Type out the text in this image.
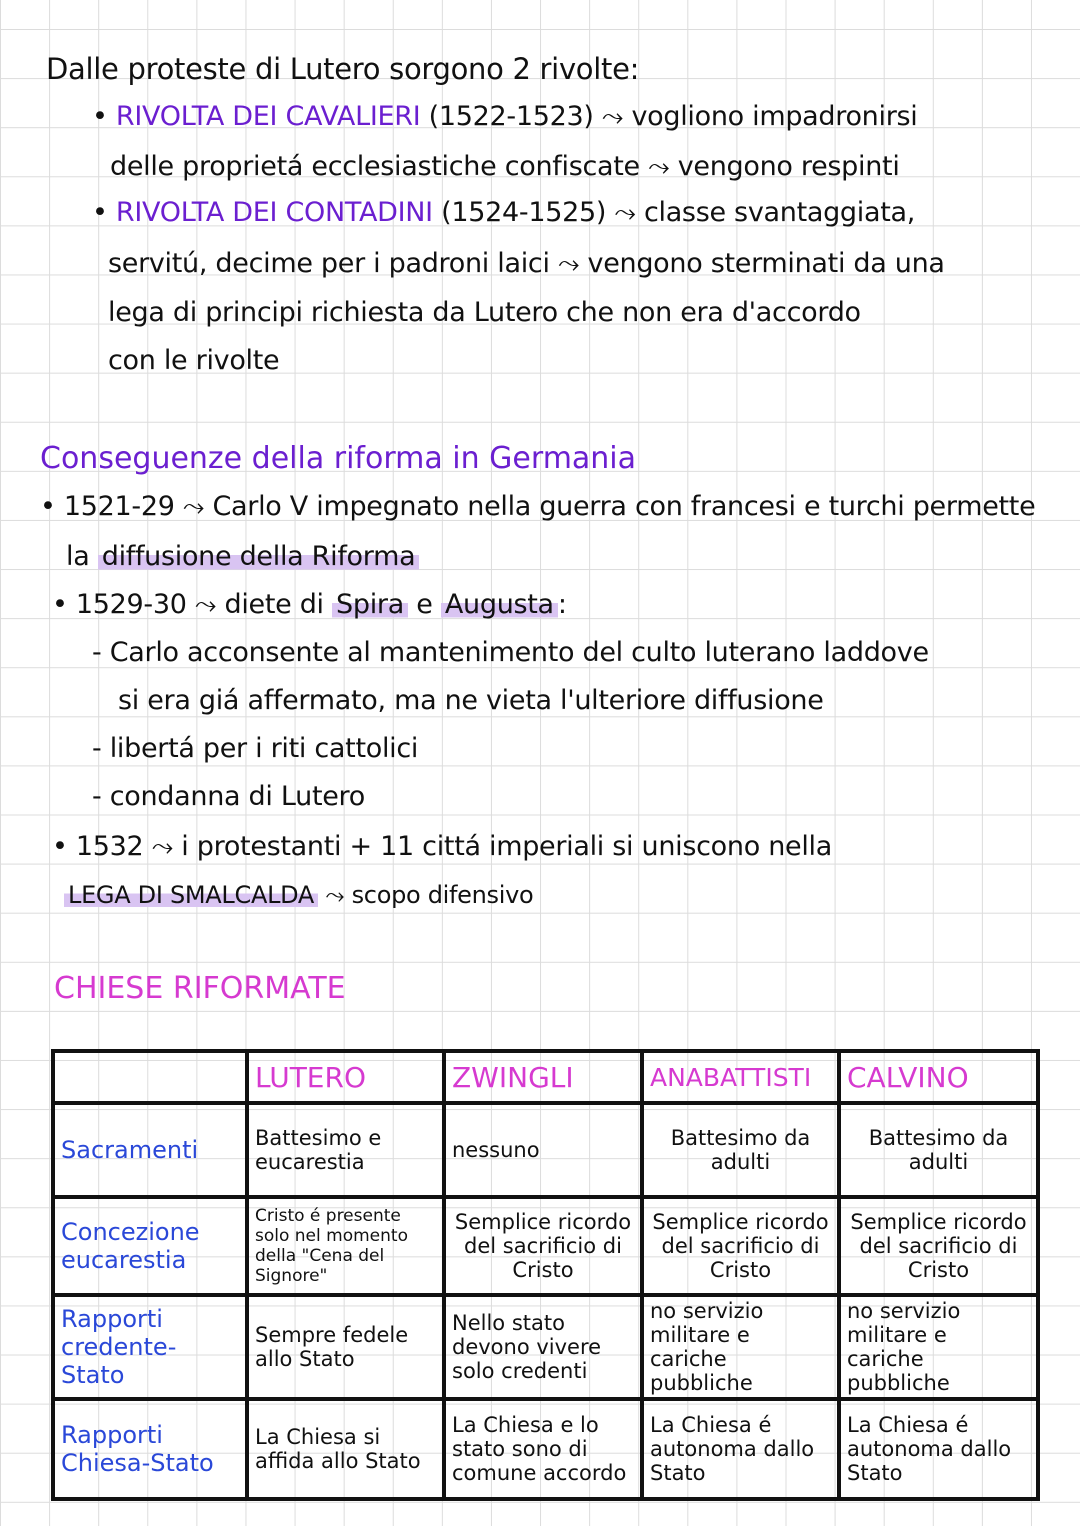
Dalle proteste di Lutero sorgono 2 rivolte:
• RIVOLTA DEI CAVALIERI (1522-1523) ⤳ vogliono impadronirsi
delle proprietá ecclesiastiche confiscate ⤳ vengono respinti
• RIVOLTA DEI CONTADINI (1524-1525) ⤳ classe svantaggiata,
servitú, decime per i padroni laici ⤳ vengono sterminati da una
lega di principi richiesta da Lutero che non era d'accordo
con le rivolte
Conseguenze della riforma in Germania
• 1521-29 ⤳ Carlo V impegnato nella guerra con francesi e turchi permette
la diffusione della Riforma
• 1529-30 ⤳ diete di Spira e Augusta :
- Carlo acconsente al mantenimento del culto luterano laddove
si era giá affermato, ma ne vieta l'ulteriore diffusione
- libertá per i riti cattolici
- condanna di Lutero
• 1532 ⤳ i protestanti + 11 cittá imperiali si uniscono nella
LEGA DI SMALCALDA ⤳ scopo difensivo
CHIESE RIFORMATE
	LUTERO	ZWINGLI	ANABATTISTI	CALVINO
Sacramenti	Battesimo e eucarestia	nessuno	Battesimo da adulti	Battesimo da adulti
Concezione eucarestia	Cristo é presente solo nel momento della "Cena del Signore"	Semplice ricordo del sacrificio di Cristo	Semplice ricordo del sacrificio di Cristo	Semplice ricordo del sacrificio di Cristo
Rapporti credente-Stato	Sempre fedele allo Stato	Nello stato devono vivere solo credenti	no servizio militare e cariche pubbliche	no servizio militare e cariche pubbliche
Rapporti Chiesa-Stato	La Chiesa si affida allo Stato	La Chiesa e lo stato sono di comune accordo	La Chiesa é autonoma dallo Stato	La Chiesa é autonoma dallo Stato
